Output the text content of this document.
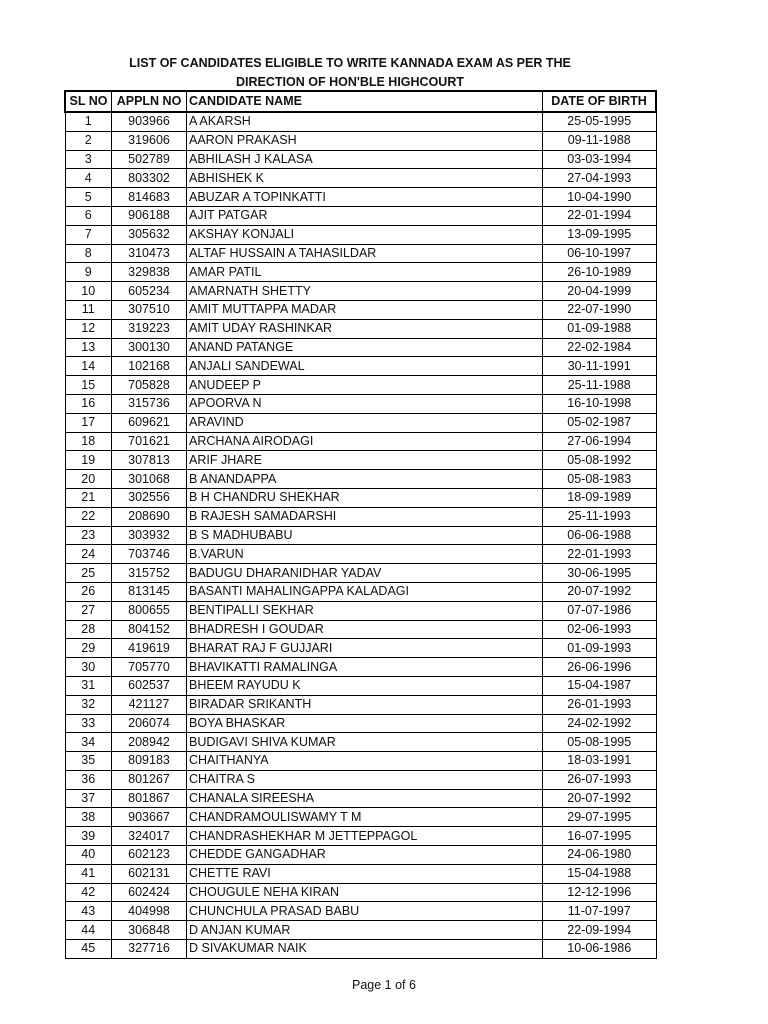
LIST OF CANDIDATES ELIGIBLE TO WRITE KANNADA EXAM AS PER THE
DIRECTION OF HON'BLE HIGHCOURT
SL NO	APPLN NO	CANDIDATE NAME	DATE OF BIRTH
1	903966	A AKARSH	25-05-1995
2	319606	AARON PRAKASH	09-11-1988
3	502789	ABHILASH J KALASA	03-03-1994
4	803302	ABHISHEK K	27-04-1993
5	814683	ABUZAR A TOPINKATTI	10-04-1990
6	906188	AJIT PATGAR	22-01-1994
7	305632	AKSHAY KONJALI	13-09-1995
8	310473	ALTAF HUSSAIN A TAHASILDAR	06-10-1997
9	329838	AMAR PATIL	26-10-1989
10	605234	AMARNATH SHETTY	20-04-1999
11	307510	AMIT MUTTAPPA MADAR	22-07-1990
12	319223	AMIT UDAY RASHINKAR	01-09-1988
13	300130	ANAND PATANGE	22-02-1984
14	102168	ANJALI SANDEWAL	30-11-1991
15	705828	ANUDEEP P	25-11-1988
16	315736	APOORVA N	16-10-1998
17	609621	ARAVIND	05-02-1987
18	701621	ARCHANA AIRODAGI	27-06-1994
19	307813	ARIF JHARE	05-08-1992
20	301068	B ANANDAPPA	05-08-1983
21	302556	B H CHANDRU SHEKHAR	18-09-1989
22	208690	B RAJESH SAMADARSHI	25-11-1993
23	303932	B S MADHUBABU	06-06-1988
24	703746	B.VARUN	22-01-1993
25	315752	BADUGU DHARANIDHAR YADAV	30-06-1995
26	813145	BASANTI MAHALINGAPPA KALADAGI	20-07-1992
27	800655	BENTIPALLI SEKHAR	07-07-1986
28	804152	BHADRESH I GOUDAR	02-06-1993
29	419619	BHARAT RAJ F GUJJARI	01-09-1993
30	705770	BHAVIKATTI RAMALINGA	26-06-1996
31	602537	BHEEM RAYUDU K	15-04-1987
32	421127	BIRADAR SRIKANTH	26-01-1993
33	206074	BOYA BHASKAR	24-02-1992
34	208942	BUDIGAVI SHIVA KUMAR	05-08-1995
35	809183	CHAITHANYA	18-03-1991
36	801267	CHAITRA S	26-07-1993
37	801867	CHANALA SIREESHA	20-07-1992
38	903667	CHANDRAMOULISWAMY T M	29-07-1995
39	324017	CHANDRASHEKHAR M JETTEPPAGOL	16-07-1995
40	602123	CHEDDE GANGADHAR	24-06-1980
41	602131	CHETTE RAVI	15-04-1988
42	602424	CHOUGULE NEHA KIRAN	12-12-1996
43	404998	CHUNCHULA PRASAD BABU	11-07-1997
44	306848	D ANJAN KUMAR	22-09-1994
45	327716	D SIVAKUMAR NAIK	10-06-1986
Page 1 of 6
